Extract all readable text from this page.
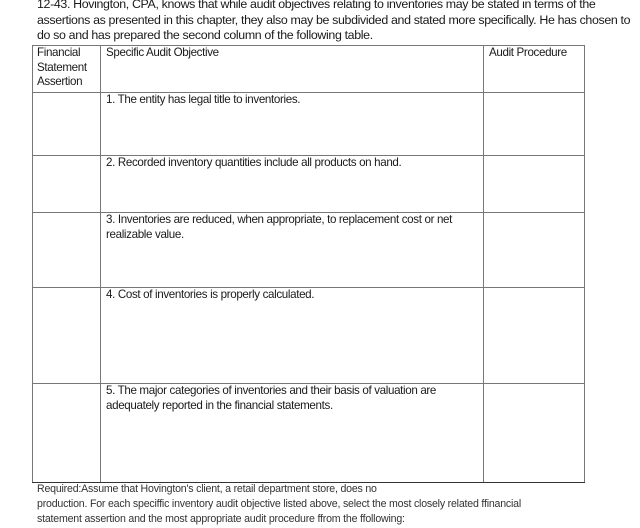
12-43. Hovington, CPA, knows that while audit objectives relating to inventories may be stated in terms of the assertions as presented in this chapter, they also may be subdivided and stated more specifically. He has chosen to do so and has prepared the second column of the following table.
Financial Statement Assertion	Specific Audit Objective	Audit Procedure
	1. The entity has legal title to inventories.	
	2. Recorded inventory quantities include all products on hand.	
	3. Inventories are reduced, when appropriate, to replacement cost or net realizable value.	
	4. Cost of inventories is properly calculated.	
	5. The major categories of inventories and their basis of valuation are adequately reported in the financial statements.	
Required:Assume that Hovington's client, a retail department store, does no
production. For each speciffic inventory audit objective listed above, select the most closely related ffinancial
statement assertion and the most appropriate audit procedure ffrom the ffollowing:
